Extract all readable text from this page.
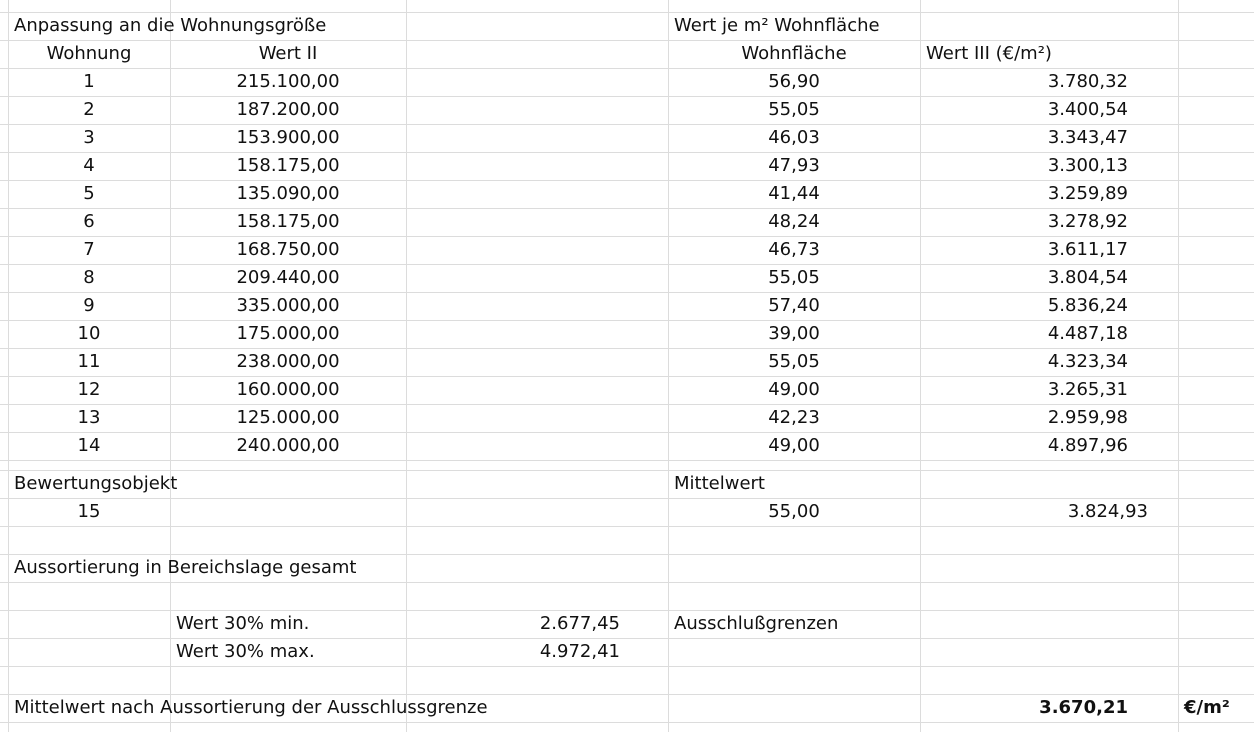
Anpassung an die Wohnungsgröße	Wert je m² Wohnfläche
Wohnung	Wert II	Wohnfläche	Wert III (€/m²)
1	215.100,00	56,90	3.780,32
2	187.200,00	55,05	3.400,54
3	153.900,00	46,03	3.343,47
4	158.175,00	47,93	3.300,13
5	135.090,00	41,44	3.259,89
6	158.175,00	48,24	3.278,92
7	168.750,00	46,73	3.611,17
8	209.440,00	55,05	3.804,54
9	335.000,00	57,40	5.836,24
10	175.000,00	39,00	4.487,18
11	238.000,00	55,05	4.323,34
12	160.000,00	49,00	3.265,31
13	125.000,00	42,23	2.959,98
14	240.000,00	49,00	4.897,96
Bewertungsobjekt	Mittelwert
15	55,00	3.824,93
Aussortierung in Bereichslage gesamt
Wert 30% min.	2.677,45	Ausschlußgrenzen
Wert 30% max.	4.972,41
Mittelwert nach Aussortierung der Ausschlussgrenze	3.670,21	€/m²
